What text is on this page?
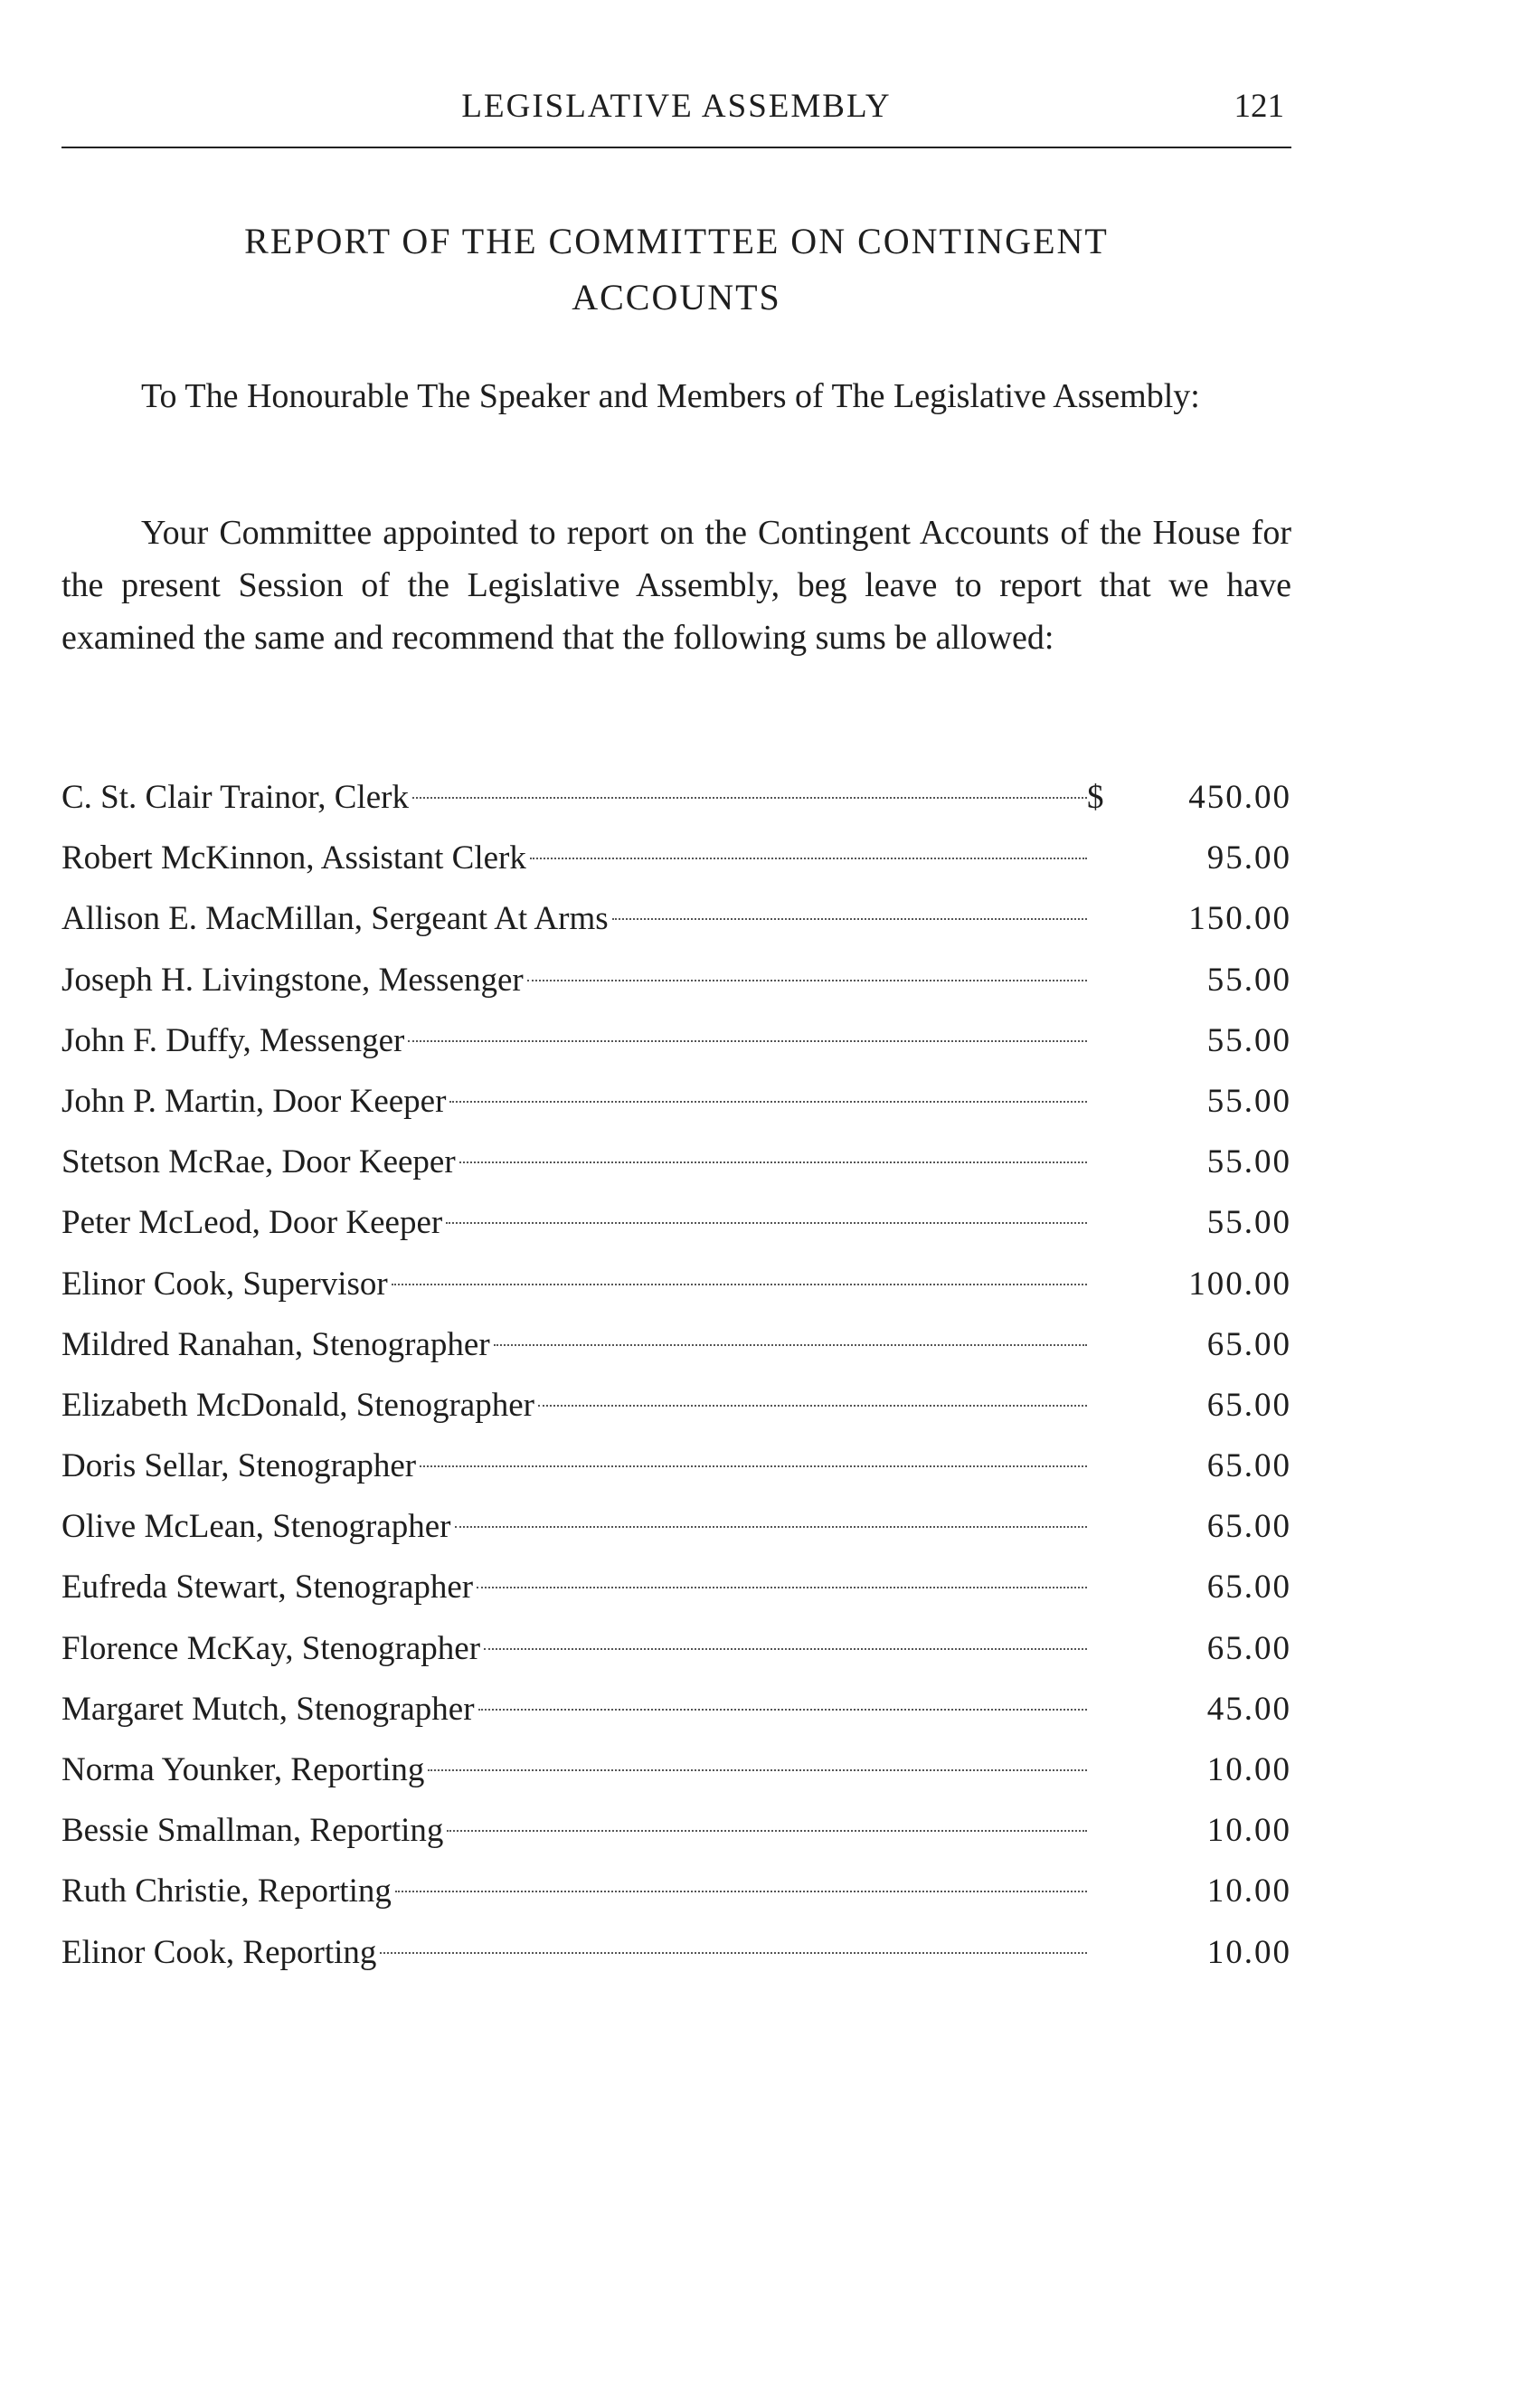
LEGISLATIVE ASSEMBLY	121
REPORT OF THE COMMITTEE ON CONTINGENT
ACCOUNTS

To The Honourable The Speaker and Members of The Legislative Assembly:

Your Committee appointed to report on the Contingent Accounts of the House for the present Session of the Legislative Assembly, beg leave to report that we have examined the same and recommend that the following sums be allowed:

C. St. Clair Trainor, Clerk	$	450.00
Robert McKinnon, Assistant Clerk	95.00
Allison E. MacMillan, Sergeant At Arms	150.00
Joseph H. Livingstone, Messenger	55.00
John F. Duffy, Messenger	55.00
John P. Martin, Door Keeper	55.00
Stetson McRae, Door Keeper	55.00
Peter McLeod, Door Keeper	55.00
Elinor Cook, Supervisor	100.00
Mildred Ranahan, Stenographer	65.00
Elizabeth McDonald, Stenographer	65.00
Doris Sellar, Stenographer	65.00
Olive McLean, Stenographer	65.00
Eufreda Stewart, Stenographer	65.00
Florence McKay, Stenographer	65.00
Margaret Mutch, Stenographer	45.00
Norma Younker, Reporting	10.00
Bessie Smallman, Reporting	10.00
Ruth Christie, Reporting	10.00
Elinor Cook, Reporting	10.00
